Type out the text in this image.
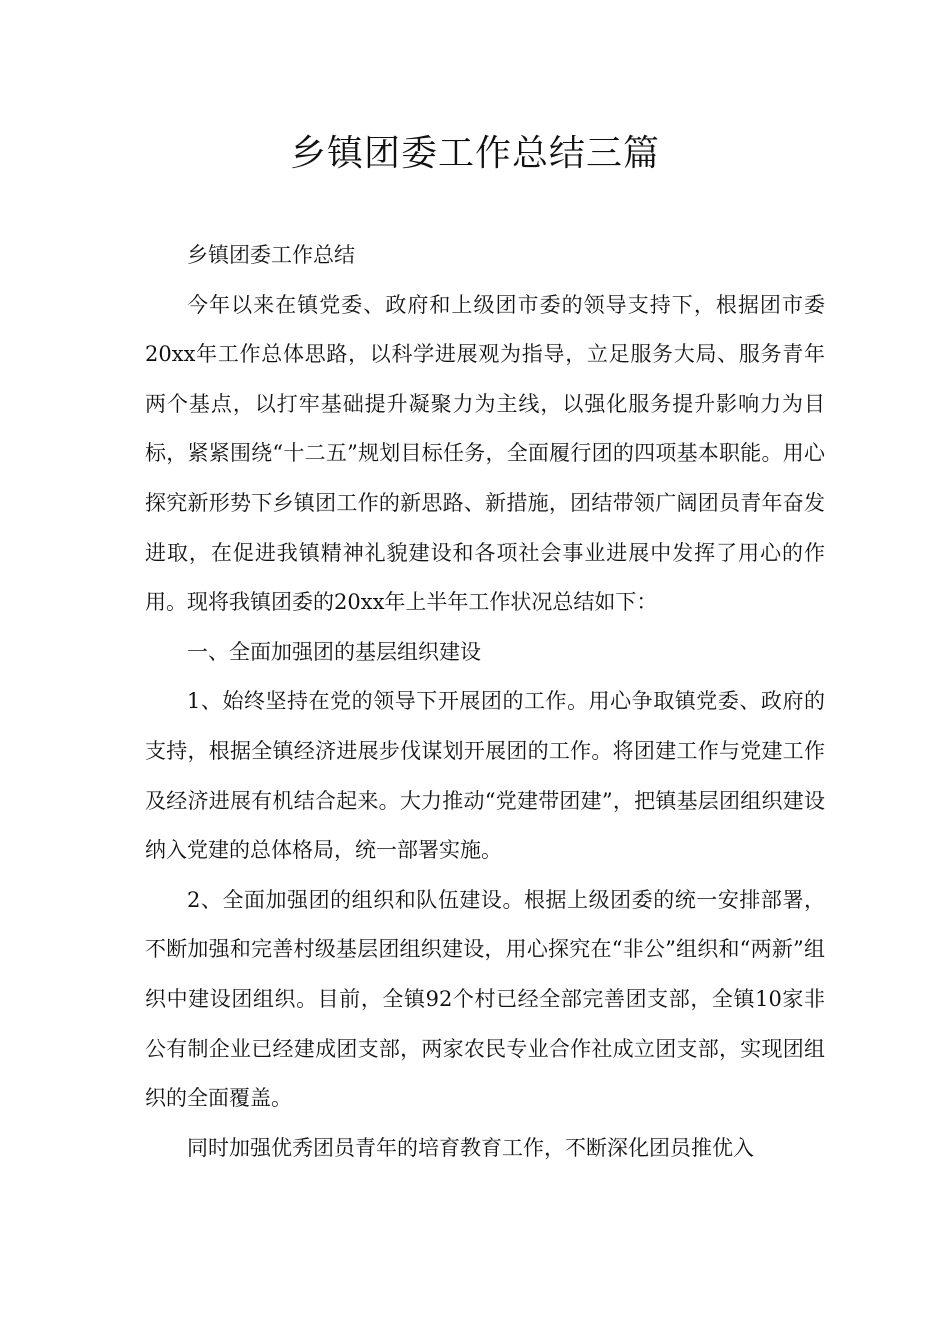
乡镇团委工作总结三篇

乡镇团委工作总结

今年以来在镇党委、政府和上级团市委的领导支持下，根据团市委20xx年工作总体思路，以科学进展观为指导，立足服务大局、服务青年两个基点，以打牢基础提升凝聚力为主线，以强化服务提升影响力为目标，紧紧围绕“十二五”规划目标任务，全面履行团的四项基本职能。用心探究新形势下乡镇团工作的新思路、新措施，团结带领广阔团员青年奋发进取，在促进我镇精神礼貌建设和各项社会事业进展中发挥了用心的作用。现将我镇团委的20xx年上半年工作状况总结如下：

一、全面加强团的基层组织建设

1、始终坚持在党的领导下开展团的工作。用心争取镇党委、政府的支持，根据全镇经济进展步伐谋划开展团的工作。将团建工作与党建工作及经济进展有机结合起来。大力推动“党建带团建”，把镇基层团组织建设纳入党建的总体格局，统一部署实施。

2、全面加强团的组织和队伍建设。根据上级团委的统一安排部署，不断加强和完善村级基层团组织建设，用心探究在“非公”组织和“两新”组织中建设团组织。目前，全镇92个村已经全部完善团支部，全镇10家非公有制企业已经建成团支部，两家农民专业合作社成立团支部，实现团组织的全面覆盖。

同时加强优秀团员青年的培育教育工作，不断深化团员推优入
